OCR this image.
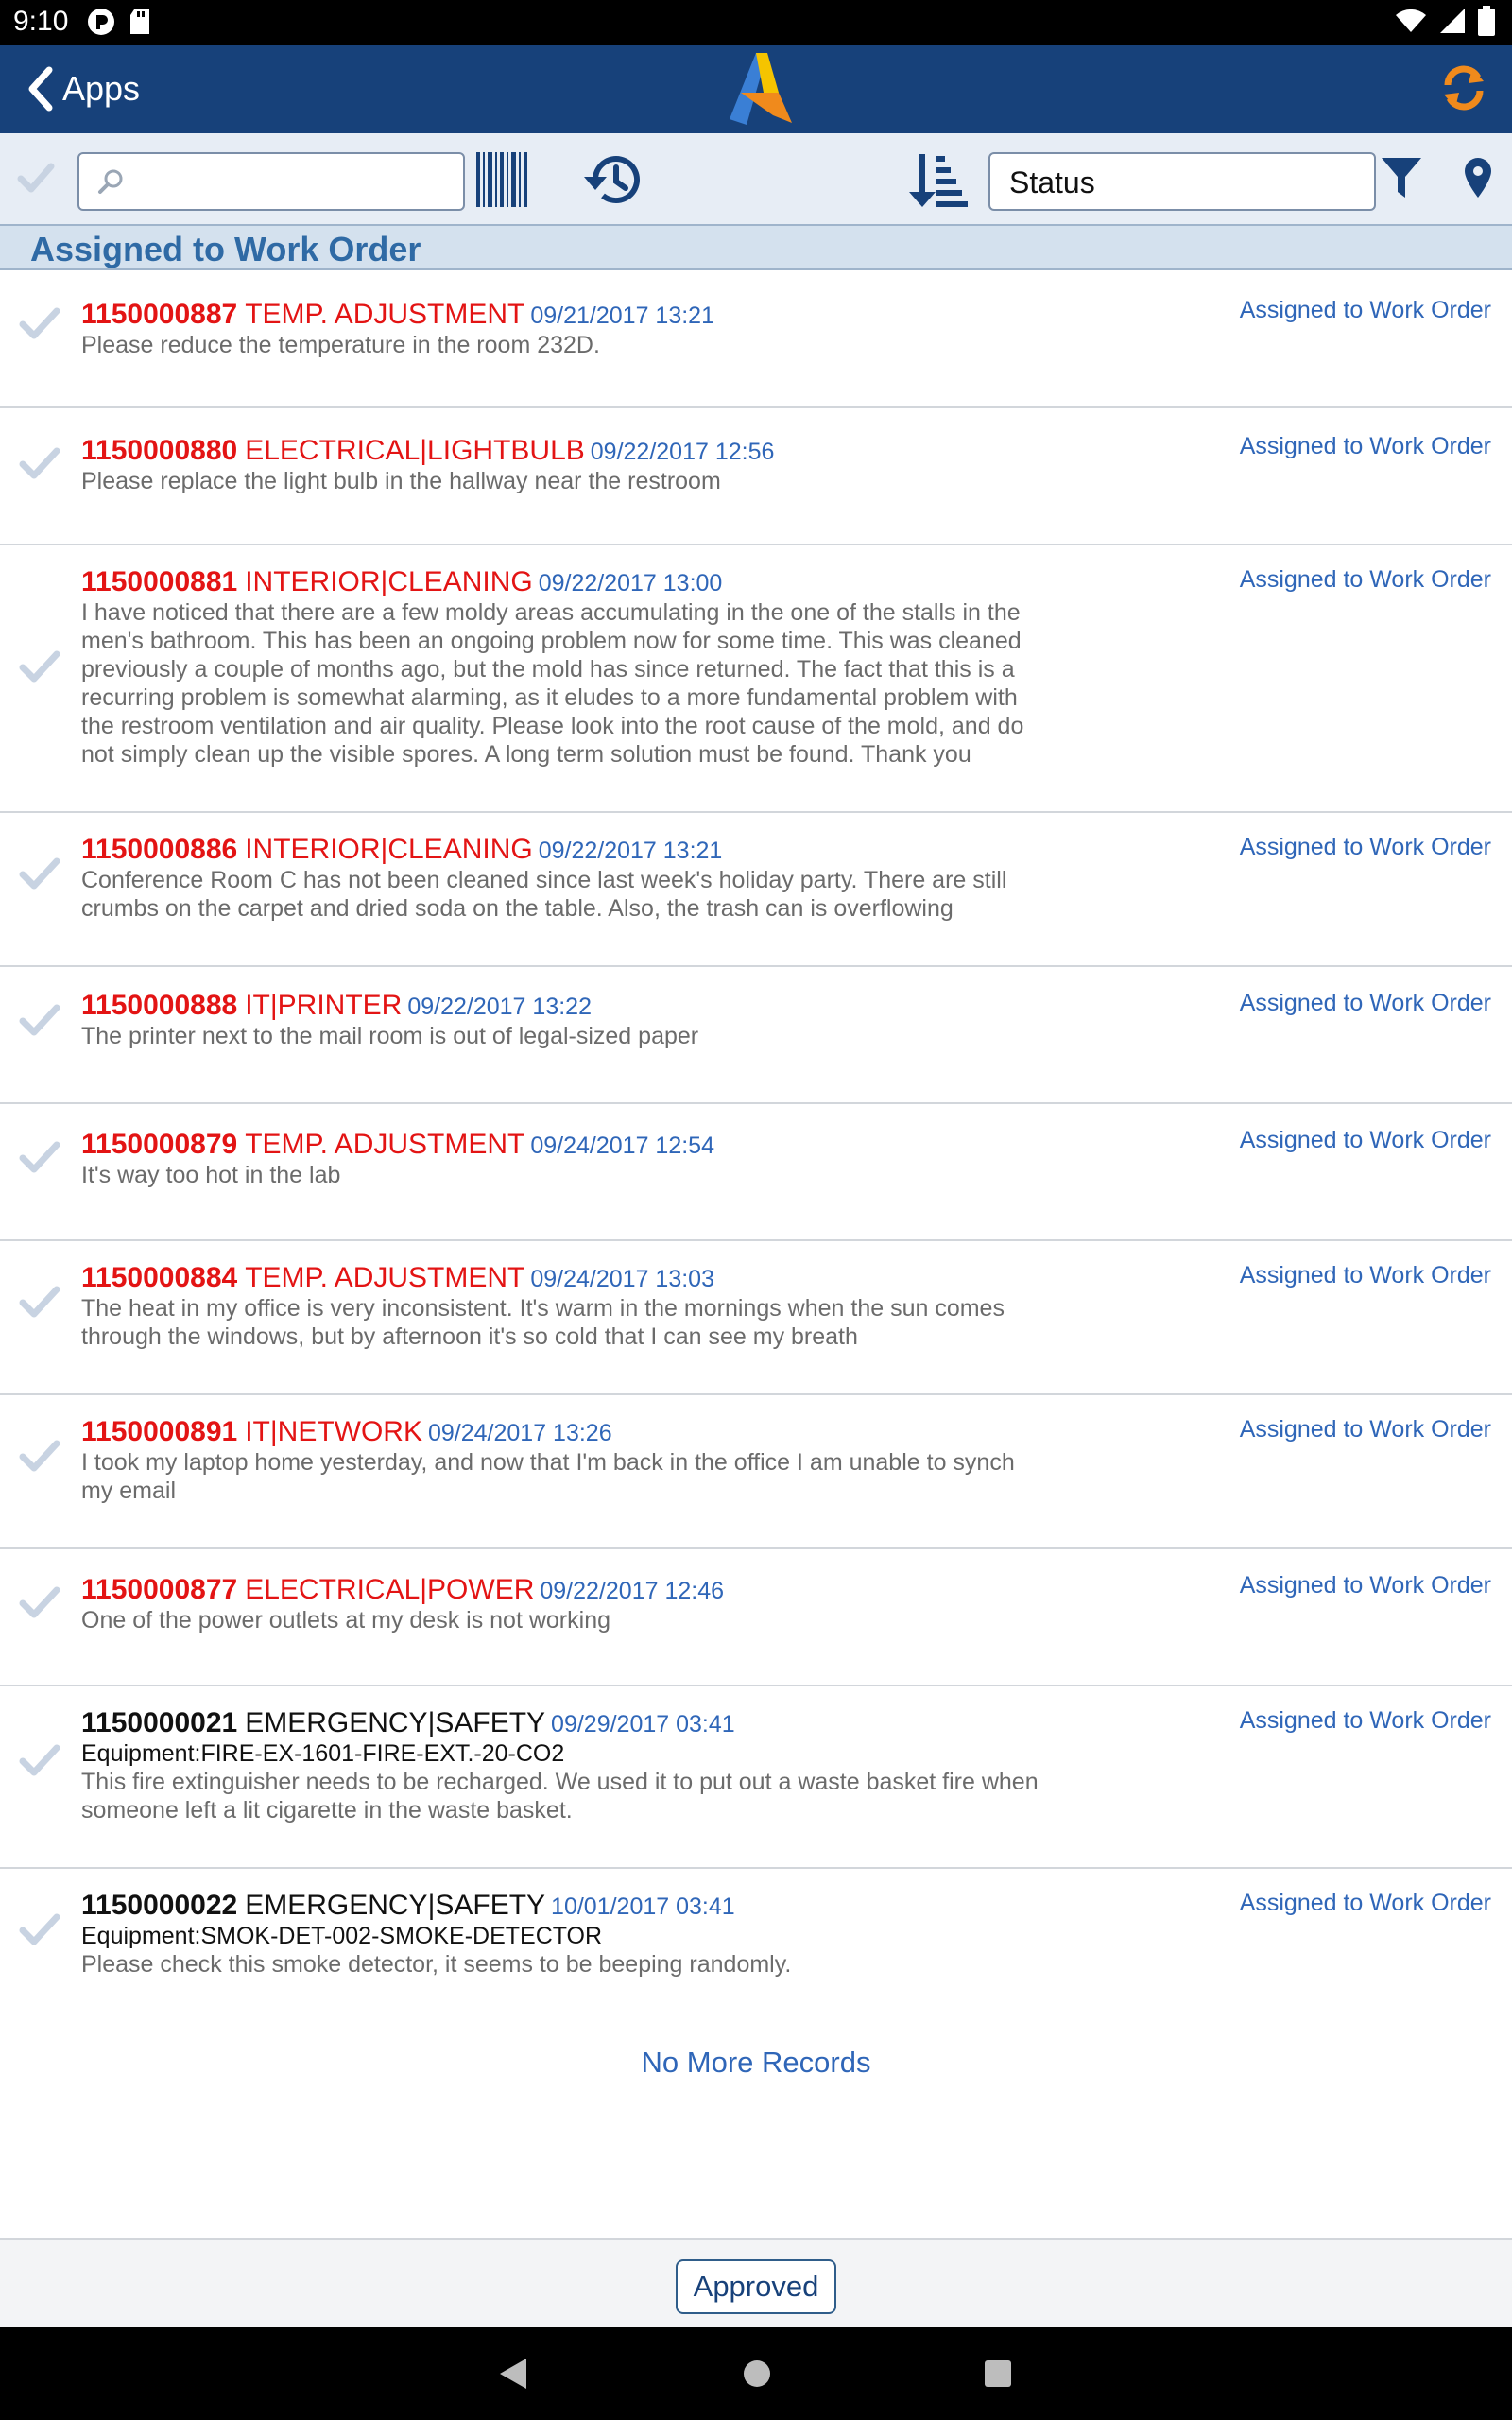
9:10
Apps
Status
Assigned to Work Order
1150000887 TEMP. ADJUSTMENT 09/21/2017 13:21
Please reduce the temperature in the room 232D.
Assigned to Work Order
1150000880 ELECTRICAL|LIGHTBULB 09/22/2017 12:56
Please replace the light bulb in the hallway near the restroom
Assigned to Work Order
1150000881 INTERIOR|CLEANING 09/22/2017 13:00
I have noticed that there are a few moldy areas accumulating in the one of the stalls in the
men's bathroom. This has been an ongoing problem now for some time. This was cleaned
previously a couple of months ago, but the mold has since returned. The fact that this is a
recurring problem is somewhat alarming, as it eludes to a more fundamental problem with
the restroom ventilation and air quality. Please look into the root cause of the mold, and do
not simply clean up the visible spores. A long term solution must be found. Thank you
Assigned to Work Order
1150000886 INTERIOR|CLEANING 09/22/2017 13:21
Conference Room C has not been cleaned since last week's holiday party. There are still
crumbs on the carpet and dried soda on the table. Also, the trash can is overflowing
Assigned to Work Order
1150000888 IT|PRINTER 09/22/2017 13:22
The printer next to the mail room is out of legal-sized paper
Assigned to Work Order
1150000879 TEMP. ADJUSTMENT 09/24/2017 12:54
It's way too hot in the lab
Assigned to Work Order
1150000884 TEMP. ADJUSTMENT 09/24/2017 13:03
The heat in my office is very inconsistent. It's warm in the mornings when the sun comes
through the windows, but by afternoon it's so cold that I can see my breath
Assigned to Work Order
1150000891 IT|NETWORK 09/24/2017 13:26
I took my laptop home yesterday, and now that I'm back in the office I am unable to synch
my email
Assigned to Work Order
1150000877 ELECTRICAL|POWER 09/22/2017 12:46
One of the power outlets at my desk is not working
Assigned to Work Order
1150000021 EMERGENCY|SAFETY 09/29/2017 03:41
Equipment:FIRE-EX-1601-FIRE-EXT.-20-CO2
This fire extinguisher needs to be recharged. We used it to put out a waste basket fire when
someone left a lit cigarette in the waste basket.
Assigned to Work Order
1150000022 EMERGENCY|SAFETY 10/01/2017 03:41
Equipment:SMOK-DET-002-SMOKE-DETECTOR
Please check this smoke detector, it seems to be beeping randomly.
Assigned to Work Order
No More Records
Approved
